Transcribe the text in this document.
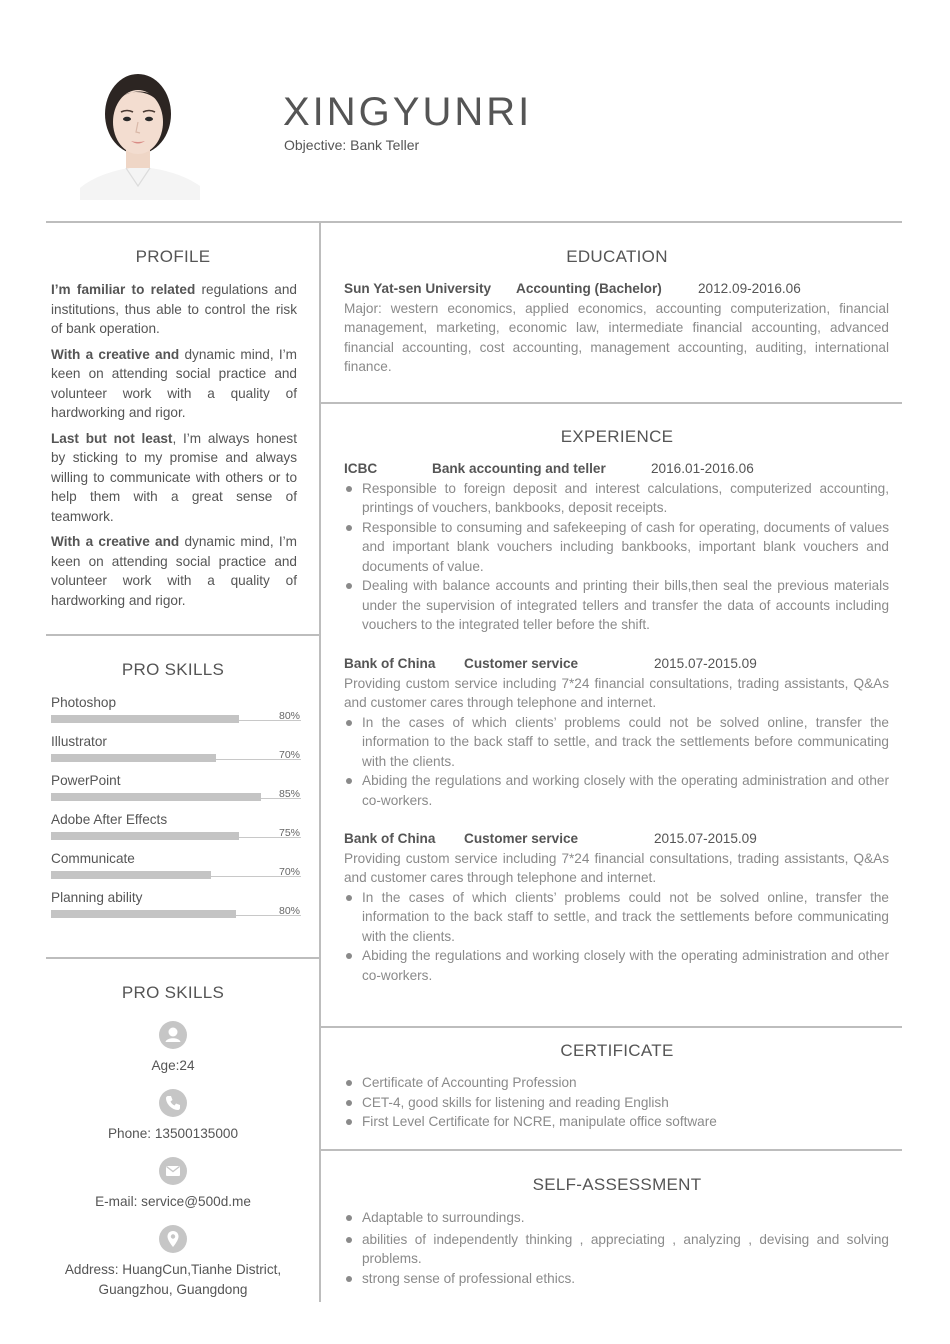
XINGYUNRI
Objective: Bank Teller
PROFILE

I’m familiar to related regulations and institutions, thus able to control the risk of bank operation.

With a creative and dynamic mind, I’m keen on attending social practice and volunteer work with a quality of hardworking and rigor.

Last but not least, I’m always honest by sticking to my promise and always willing to communicate with others or to help them with a great sense of teamwork.

With a creative and dynamic mind, I’m keen on attending social practice and volunteer work with a quality of hardworking and rigor.

PRO SKILLS
Photoshop
80%
Illustrator
70%
PowerPoint
85%
Adobe After Effects
75%
Communicate
70%
Planning ability
80%
PRO SKILLS
Age:24
Phone: 13500135000
E-mail: service@500d.me
Address: HuangCun,Tianhe District,
Guangzhou, Guangdong
EDUCATION
Sun Yat-sen University Accounting (Bachelor)	2012.09-2016.06

Major: western economics, applied economics, accounting computerization, financial management, marketing, economic law, intermediate financial accounting, advanced financial accounting, cost accounting, management accounting, auditing, international finance.

EXPERIENCE
ICBC	Bank accounting and teller	2016.01-2016.06
Responsible to foreign deposit and interest calculations, computerized accounting, printings of vouchers, bankbooks, deposit receipts.
Responsible to consuming and safekeeping of cash for operating, documents of values and important blank vouchers including bankbooks, important blank vouchers and documents of value.
Dealing with balance accounts and printing their bills,then seal the previous materials under the supervision of integrated tellers and transfer the data of accounts including vouchers to the integrated teller before the shift.
Bank of China Customer service	2015.07-2015.09

Providing custom service including 7*24 financial consultations, trading assistants, Q&As and customer cares through telephone and internet.

In the cases of which clients’ problems could not be solved online, transfer the information to the back staff to settle, and track the settlements before communicating with the clients.
Abiding the regulations and working closely with the operating administration and other co-workers.
Bank of China Customer service	2015.07-2015.09

Providing custom service including 7*24 financial consultations, trading assistants, Q&As and customer cares through telephone and internet.

In the cases of which clients’ problems could not be solved online, transfer the information to the back staff to settle, and track the settlements before communicating with the clients.
Abiding the regulations and working closely with the operating administration and other co-workers.
CERTIFICATE
Certificate of Accounting Profession
CET-4, good skills for listening and reading English
First Level Certificate for NCRE, manipulate office software
SELF-ASSESSMENT
Adaptable to surroundings.
abilities of independently thinking , appreciating , analyzing , devising and solving problems.
strong sense of professional ethics.
